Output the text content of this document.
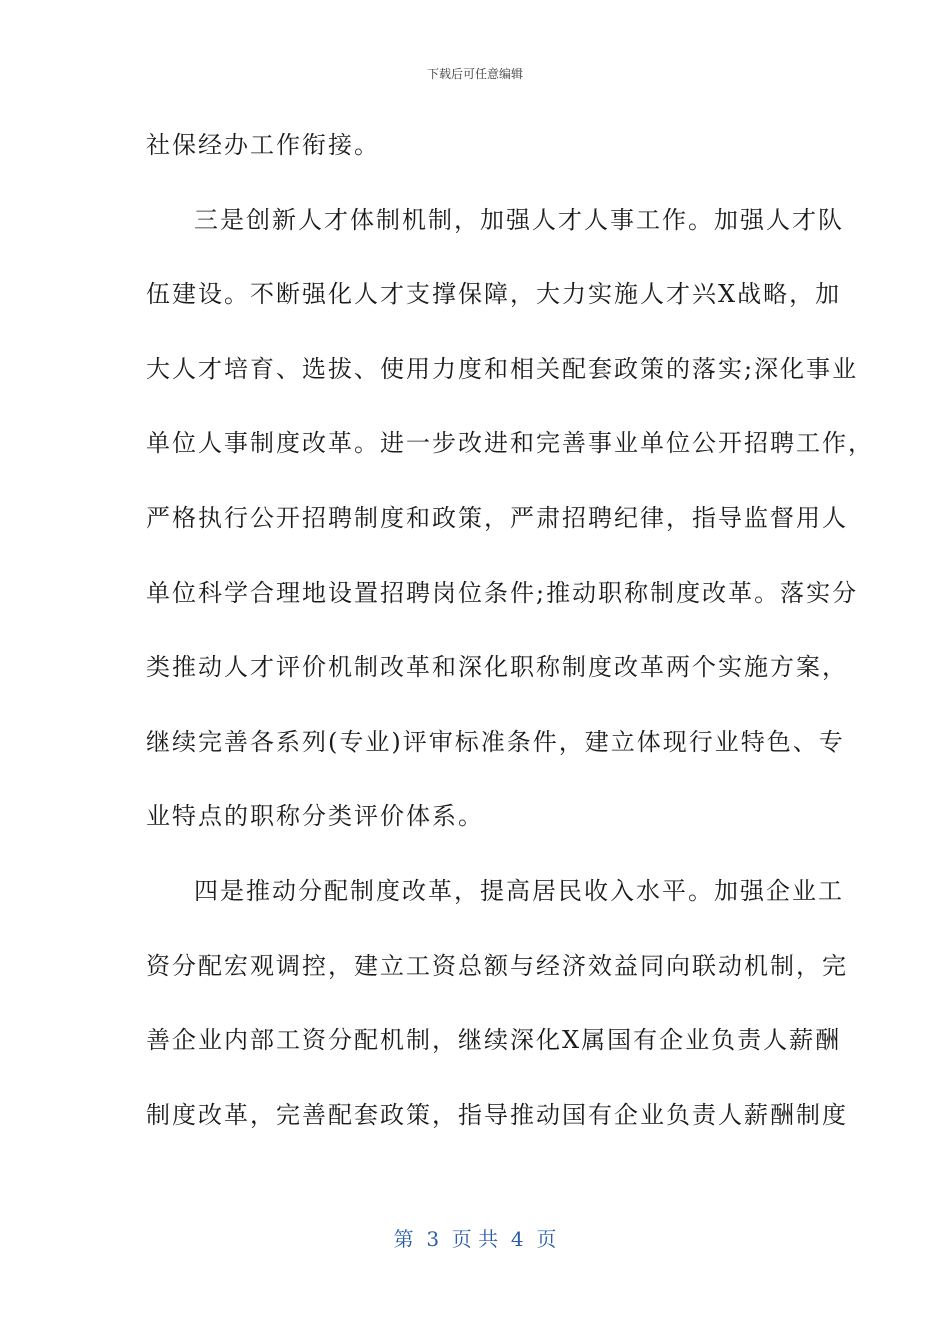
下载后可任意编辑
社保经办工作衔接。
三是创新人才体制机制，加强人才人事工作。加强人才队
伍建设。不断强化人才支撑保障，大力实施人才兴Ⅹ战略，加
大人才培育、选拔、使用力度和相关配套政策的落实;深化事业
单位人事制度改革。进一步改进和完善事业单位公开招聘工作，
严格执行公开招聘制度和政策，严肃招聘纪律，指导监督用人
单位科学合理地设置招聘岗位条件;推动职称制度改革。落实分
类推动人才评价机制改革和深化职称制度改革两个实施方案，
继续完善各系列(专业)评审标准条件，建立体现行业特色、专
业特点的职称分类评价体系。
四是推动分配制度改革，提高居民收入水平。加强企业工
资分配宏观调控，建立工资总额与经济效益同向联动机制，完
善企业内部工资分配机制，继续深化Ⅹ属国有企业负责人薪酬
制度改革，完善配套政策，指导推动国有企业负责人薪酬制度
第  3  页 共  4  页
